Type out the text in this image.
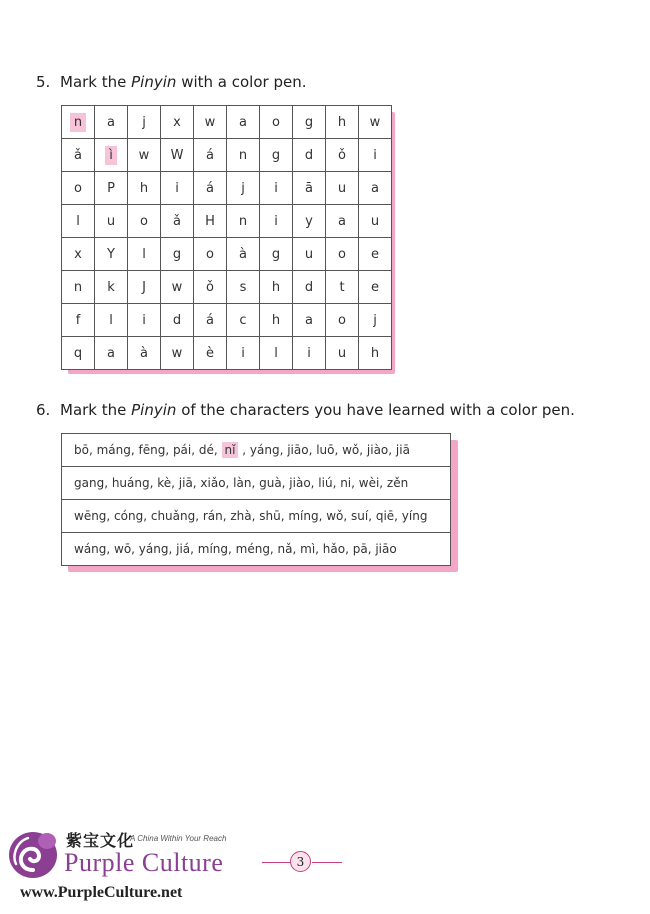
5. Mark the Pinyin with a color pen.
n	a	j	x	w	a	o	g	h	w
ǎ	ì	w	W	á	n	g	d	ǒ	i
o	P	h	i	á	j	i	ā	u	a
l	u	o	ǎ	H	n	i	y	a	u
x	Y	l	g	o	à	g	u	o	e
n	k	J	w	ǒ	s	h	d	t	e
f	l	i	d	á	c	h	a	o	j
q	a	à	w	è	i	l	i	u	h
6. Mark the Pinyin of the characters you have learned with a color pen.
bō, máng, fēng, pái, dé, nǐ , yáng, jiāo, luō, wǒ, jiào, jiā
gang, huáng, kè, jiā, xiǎo, làn, guà, jiào, liú, ni, wèi, zěn
wēng, cóng, chuǎng, rán, zhà, shū, míng, wǒ, suí, qiē, yíng
wáng, wō, yáng, jiá, míng, méng, nǎ, mì, hǎo, pā, jiāo
紫宝文化
A China Within Your Reach
Purple Culture
www.PurpleCulture.net
3
